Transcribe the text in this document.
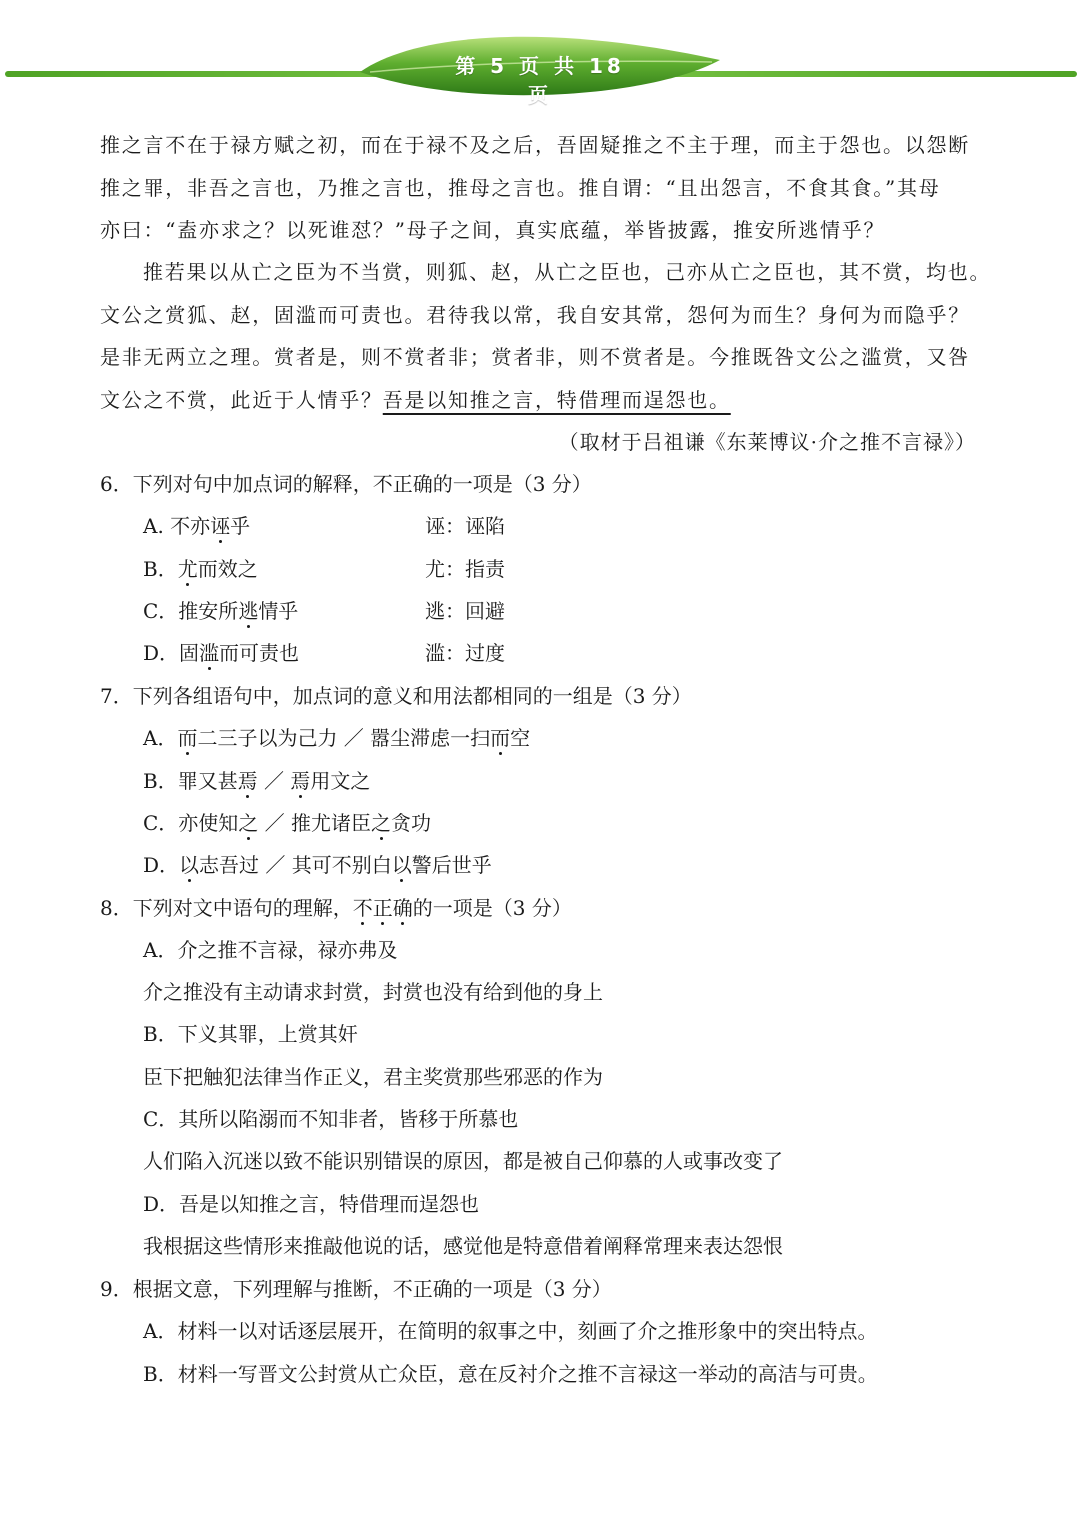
第 5 页 共 18 页
推之言不在于禄方赋之初，而在于禄不及之后，吾固疑推之不主于理，而主于怨也。以怨断
推之罪，非吾之言也，乃推之言也，推母之言也。推自谓：“且出怨言，不食其食。”其母
亦曰：“盍亦求之？以死谁怼？”母子之间，真实底蕴，举皆披露，推安所逃情乎？
推若果以从亡之臣为不当赏，则狐、赵，从亡之臣也，己亦从亡之臣也，其不赏，均也。
文公之赏狐、赵，固滥而可责也。君待我以常，我自安其常，怨何为而生？身何为而隐乎？
是非无两立之理。赏者是，则不赏者非；赏者非，则不赏者是。今推既咎文公之滥赏，又咎
文公之不赏，此近于人情乎？吾是以知推之言，特借理而逞怨也。
（取材于吕祖谦《东莱博议·介之推不言禄》）
6．下列对句中加点词的解释，不正确的一项是（3 分）
A. 不亦诬乎	诬：诬陷
B．尤而效之	尤：指责
C．推安所逃情乎	逃：回避
D．固滥而可责也	滥：过度
7．下列各组语句中，加点词的意义和用法都相同的一组是（3 分）
A．而二三子以为己力 ／ 嚣尘滞虑一扫而空
B．罪又甚焉 ／ 焉用文之
C．亦使知之 ／ 推尤诸臣之贪功
D．以志吾过 ／ 其可不别白以警后世乎
8．下列对文中语句的理解，不正确的一项是（3 分）
A．介之推不言禄，禄亦弗及
介之推没有主动请求封赏，封赏也没有给到他的身上
B．下义其罪，上赏其奸
臣下把触犯法律当作正义，君主奖赏那些邪恶的作为
C．其所以陷溺而不知非者，皆移于所慕也
人们陷入沉迷以致不能识别错误的原因，都是被自己仰慕的人或事改变了
D．吾是以知推之言，特借理而逞怨也
我根据这些情形来推敲他说的话，感觉他是特意借着阐释常理来表达怨恨
9．根据文意，下列理解与推断，不正确的一项是（3 分）
A．材料一以对话逐层展开，在简明的叙事之中，刻画了介之推形象中的突出特点。
B．材料一写晋文公封赏从亡众臣，意在反衬介之推不言禄这一举动的高洁与可贵。
